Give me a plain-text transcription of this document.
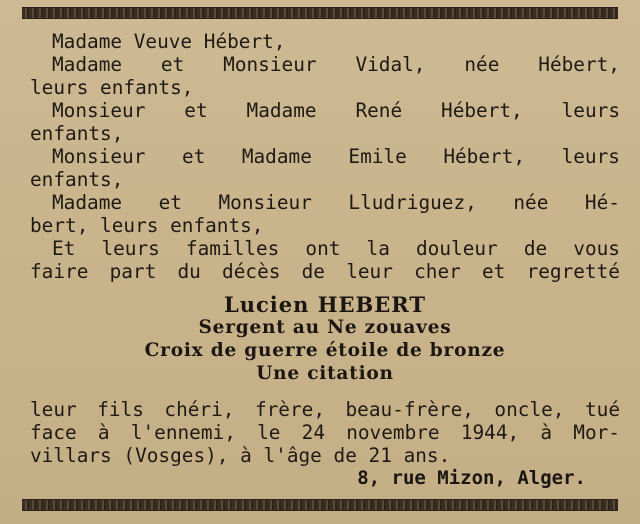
Madame Veuve Hébert,
Madame et Monsieur Vidal, née Hébert,
leurs enfants,
Monsieur et Madame René Hébert, leurs
enfants,
Monsieur et Madame Emile Hébert, leurs
enfants,
Madame et Monsieur Lludriguez, née Hé-
bert, leurs enfants,
Et leurs familles ont la douleur de vous
faire part du décès de leur cher et regretté
Lucien HEBERT
Sergent au Ne zouaves
Croix de guerre étoile de bronze
Une citation
leur fils chéri, frère, beau-frère, oncle, tué
face à l'ennemi, le 24 novembre 1944, à Mor-
villars (Vosges), à l'âge de 21 ans.
8, rue Mizon, Alger.
